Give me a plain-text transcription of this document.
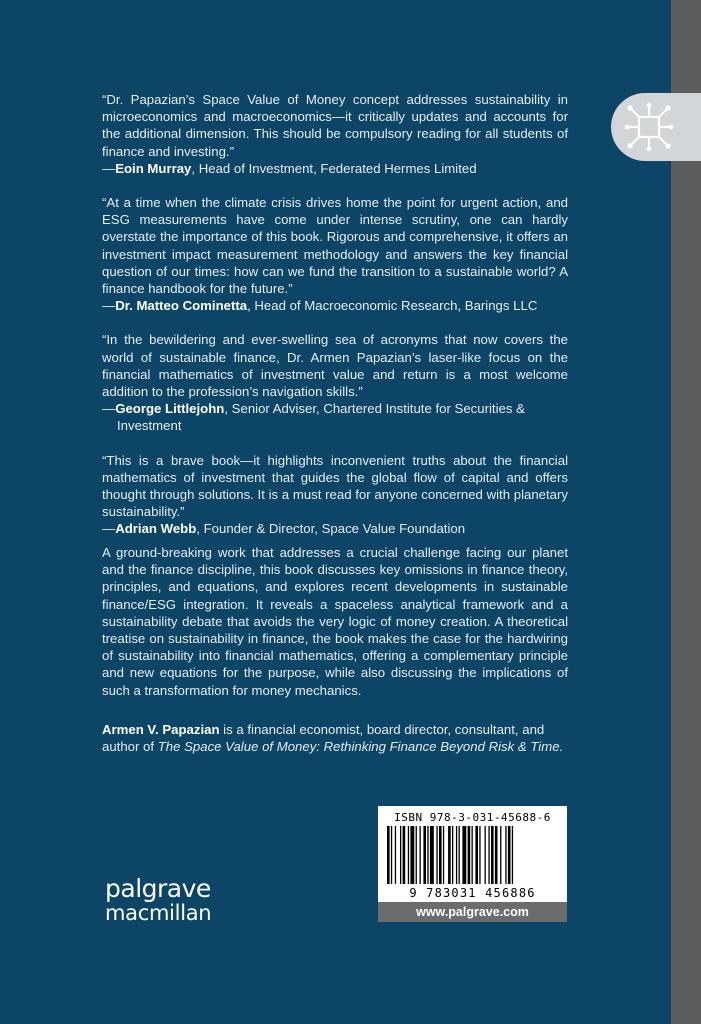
“Dr. Papazian’s Space Value of Money concept addresses sustainability in microeconomics and macroeconomics—it critically updates and accounts for the additional dimension. This should be compulsory reading for all students of finance and investing.”
—Eoin Murray, Head of Investment, Federated Hermes Limited
“At a time when the climate crisis drives home the point for urgent action, and ESG measurements have come under intense scrutiny, one can hardly overstate the importance of this book. Rigorous and comprehensive, it offers an investment impact measurement methodology and answers the key financial question of our times: how can we fund the transition to a sustainable world? A finance handbook for the future.”
—Dr. Matteo Cominetta, Head of Macroeconomic Research, Barings LLC
“In the bewildering and ever-swelling sea of acronyms that now covers the world of sustainable finance, Dr. Armen Papazian’s laser-like focus on the financial mathematics of investment value and return is a most welcome addition to the profession’s navigation skills.”
—George Littlejohn, Senior Adviser, Chartered Institute for Securities & Investment
“This is a brave book—it highlights inconvenient truths about the financial mathematics of investment that guides the global flow of capital and offers thought through solutions. It is a must read for anyone concerned with planetary sustainability.”
—Adrian Webb, Founder & Director, Space Value Foundation
A ground-breaking work that addresses a crucial challenge facing our planet and the finance discipline, this book discusses key omissions in finance theory, principles, and equations, and explores recent developments in sustainable finance/ESG integration. It reveals a spaceless analytical framework and a sustainability debate that avoids the very logic of money creation. A theoretical treatise on sustainability in finance, the book makes the case for the hardwiring of sustainability into financial mathematics, offering a complementary principle and new equations for the purpose, while also discussing the implications of such a transformation for money mechanics.
Armen V. Papazian is a financial economist, board director, consultant, and author of The Space Value of Money: Rethinking Finance Beyond Risk & Time.
ISBN 978-3-031-45688-6
9 783031 456886
www.palgrave.com
palgrave
macmillan
